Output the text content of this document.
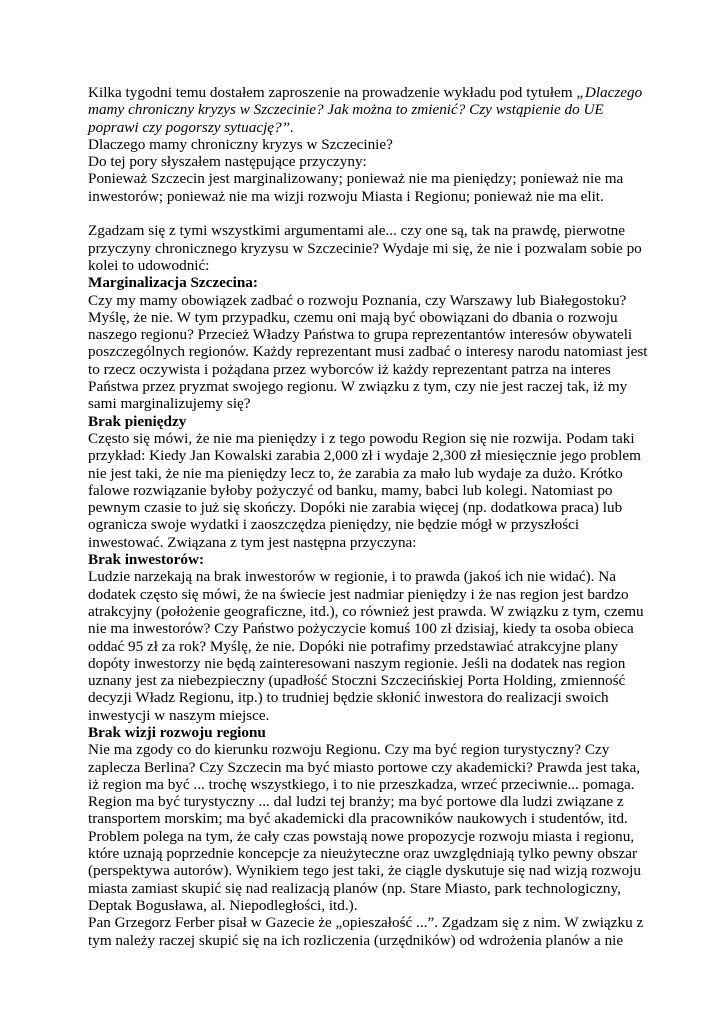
Kilka tygodni temu dostałem zaproszenie na prowadzenie wykładu pod tytułem „Dlaczego mamy chroniczny kryzys w Szczecinie? Jak można to zmienić? Czy wstąpienie do UE poprawi czy pogorszy sytuację?”.

Dlaczego mamy chroniczny kryzys w Szczecinie?

Do tej pory słyszałem następujące przyczyny:

Ponieważ Szczecin jest marginalizowany; ponieważ nie ma pieniędzy; ponieważ nie ma inwestorów; ponieważ nie ma wizji rozwoju Miasta i Regionu; ponieważ nie ma elit.

Zgadzam się z tymi wszystkimi argumentami ale... czy one są, tak na prawdę, pierwotne przyczyny chronicznego kryzysu w Szczecinie? Wydaje mi się, że nie i pozwalam sobie po kolei to udowodnić:

Marginalizacja Szczecina:

Czy my mamy obowiązek zadbać o rozwoju Poznania, czy Warszawy lub Białegostoku? Myślę, że nie. W tym przypadku, czemu oni mają być obowiązani do dbania o rozwoju naszego regionu? Przecież Władzy Państwa to grupa reprezentantów interesów obywateli poszczególnych regionów. Każdy reprezentant musi zadbać o interesy narodu natomiast jest to rzecz oczywista i pożądana przez wyborców iż każdy reprezentant patrza na interes Państwa przez pryzmat swojego regionu. W związku z tym, czy nie jest raczej tak, iż my sami marginalizujemy się?

Brak pieniędzy

Często się mówi, że nie ma pieniędzy i z tego powodu Region się nie rozwija. Podam taki przykład: Kiedy Jan Kowalski zarabia 2,000 zł i wydaje 2,300 zł miesięcznie jego problem nie jest taki, że nie ma pieniędzy lecz to, że zarabia za mało lub wydaje za dużo. Krótko falowe rozwiązanie byłoby pożyczyć od banku, mamy, babci lub kolegi. Natomiast po pewnym czasie to już się skończy. Dopóki nie zarabia więcej (np. dodatkowa praca) lub ogranicza swoje wydatki i zaoszczędza pieniędzy, nie będzie mógł w przyszłości inwestować. Związana z tym jest następna przyczyna:

Brak inwestorów:

Ludzie narzekają na brak inwestorów w regionie, i to prawda (jakoś ich nie widać). Na dodatek często się mówi, że na świecie jest nadmiar pieniędzy i że nas region jest bardzo atrakcyjny (położenie geograficzne, itd.), co również jest prawda. W związku z tym, czemu nie ma inwestorów? Czy Państwo pożyczycie komuś 100 zł dzisiaj, kiedy ta osoba obieca oddać 95 zł za rok? Myślę, że nie. Dopóki nie potrafimy przedstawiać atrakcyjne plany dopóty inwestorzy nie będą zainteresowani naszym regionie. Jeśli na dodatek nas region uznany jest za niebezpieczny (upadłość Stoczni Szczecińskiej Porta Holding, zmienność decyzji Władz Regionu, itp.) to trudniej będzie skłonić inwestora do realizacji swoich inwestycji w naszym miejsce.

Brak wizji rozwoju regionu

Nie ma zgody co do kierunku rozwoju Regionu. Czy ma być region turystyczny? Czy zaplecza Berlina? Czy Szczecin ma być miasto portowe czy akademicki? Prawda jest taka, iż region ma być ... trochę wszystkiego, i to nie przeszkadza, wrzeć przeciwnie... pomaga. Region ma być turystyczny ... dal ludzi tej branży; ma być portowe dla ludzi związane z transportem morskim; ma być akademicki dla pracowników naukowych i studentów, itd. Problem polega na tym, że cały czas powstają nowe propozycje rozwoju miasta i regionu, które uznają poprzednie koncepcje za nieużyteczne oraz uwzględniają tylko pewny obszar (perspektywa autorów). Wynikiem tego jest taki, że ciągle dyskutuje się nad wizją rozwoju miasta zamiast skupić się nad realizacją planów (np. Stare Miasto, park technologiczny, Deptak Bogusława, al. Niepodległości, itd.).

Pan Grzegorz Ferber pisał w Gazecie że „opieszałość ...”. Zgadzam się z nim. W związku z tym należy raczej skupić się na ich rozliczenia (urzędników) od wdrożenia planów a nie
